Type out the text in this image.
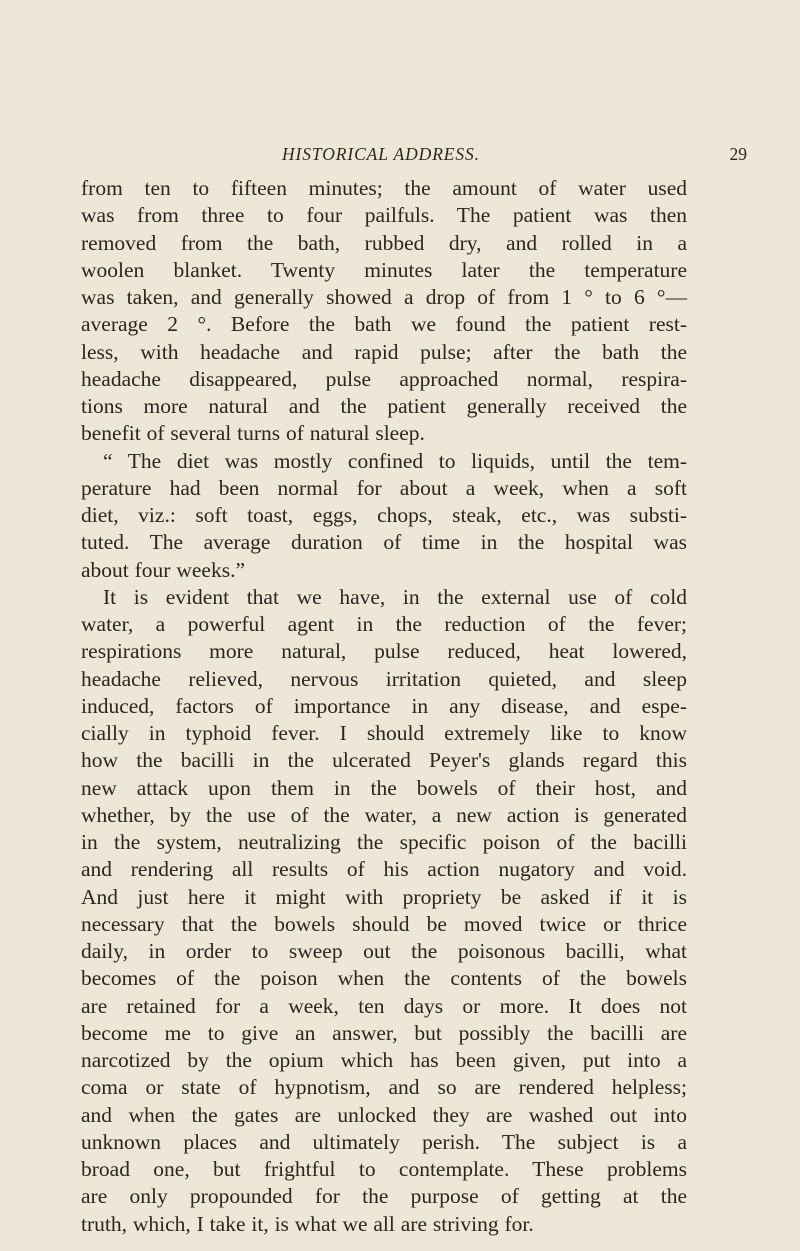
HISTORICAL ADDRESS.	29
from ten to fifteen minutes; the amount of water used
was from three to four pailfuls. The patient was then
removed from the bath, rubbed dry, and rolled in a
woolen blanket. Twenty minutes later the temperature
was taken, and generally showed a drop of from 1 ° to 6 °—
average 2 °. Before the bath we found the patient rest-
less, with headache and rapid pulse; after the bath the
headache disappeared, pulse approached normal, respira-
tions more natural and the patient generally received the
benefit of several turns of natural sleep.
“ The diet was mostly confined to liquids, until the tem-
perature had been normal for about a week, when a soft
diet, viz.: soft toast, eggs, chops, steak, etc., was substi-
tuted. The average duration of time in the hospital was
about four weeks.”
It is evident that we have, in the external use of cold
water, a powerful agent in the reduction of the fever;
respirations more natural, pulse reduced, heat lowered,
headache relieved, nervous irritation quieted, and sleep
induced, factors of importance in any disease, and espe-
cially in typhoid fever. I should extremely like to know
how the bacilli in the ulcerated Peyer's glands regard this
new attack upon them in the bowels of their host, and
whether, by the use of the water, a new action is generated
in the system, neutralizing the specific poison of the bacilli
and rendering all results of his action nugatory and void.
And just here it might with propriety be asked if it is
necessary that the bowels should be moved twice or thrice
daily, in order to sweep out the poisonous bacilli, what
becomes of the poison when the contents of the bowels
are retained for a week, ten days or more. It does not
become me to give an answer, but possibly the bacilli are
narcotized by the opium which has been given, put into a
coma or state of hypnotism, and so are rendered helpless;
and when the gates are unlocked they are washed out into
unknown places and ultimately perish. The subject is a
broad one, but frightful to contemplate. These problems
are only propounded for the purpose of getting at the
truth, which, I take it, is what we all are striving for.
